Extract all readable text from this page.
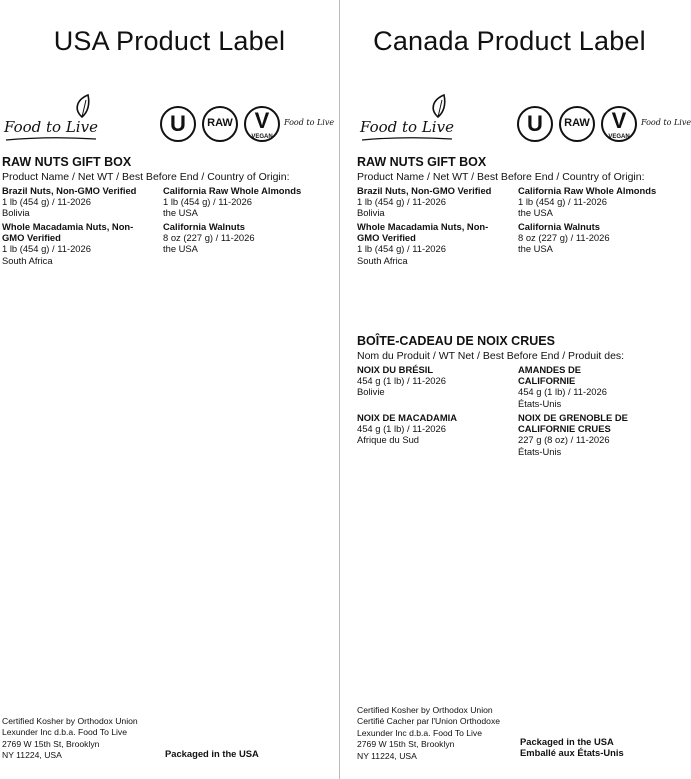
USA Product Label
Food to Live	U	RAW V
VEGAN
Food to Live
RAW NUTS GIFT BOX
Product Name / Net WT / Best Before End / Country of Origin:
Brazil Nuts, Non-GMO Verified
1 lb (454 g) / 11-2026
Bolivia
California Raw Whole Almonds
1 lb (454 g) / 11-2026
the USA
Whole Macadamia Nuts, Non-GMO Verified
1 lb (454 g) / 11-2026
South Africa
California Walnuts
8 oz (227 g) / 11-2026
the USA
Certified Kosher by Orthodox Union
Lexunder Inc d.b.a. Food To Live
2769 W 15th St, Brooklyn
NY 11224, USA	Packaged in the USA
Canada Product Label
Food to Live	U	RAW V
VEGAN
Food to Live
RAW NUTS GIFT BOX
Product Name / Net WT / Best Before End / Country of Origin:
Brazil Nuts, Non-GMO Verified
1 lb (454 g) / 11-2026
Bolivia
California Raw Whole Almonds
1 lb (454 g) / 11-2026
the USA
Whole Macadamia Nuts, Non-GMO Verified
1 lb (454 g) / 11-2026
South Africa
California Walnuts
8 oz (227 g) / 11-2026
the USA
BOÎTE-CADEAU DE NOIX CRUES
Nom du Produit / WT Net / Best Before End / Produit des:
NOIX DU BRÉSIL
454 g (1 lb) / 11-2026
Bolivie
AMANDES DE CALIFORNIE
454 g (1 lb) / 11-2026
États-Unis
NOIX DE MACADAMIA
454 g (1 lb) / 11-2026
Afrique du Sud
NOIX DE GRENOBLE DE CALIFORNIE CRUES
227 g (8 oz) / 11-2026
États-Unis
Certified Kosher by Orthodox Union
Certifié Cacher par l'Union Orthodoxe
Lexunder Inc d.b.a. Food To Live
2769 W 15th St, Brooklyn
NY 11224, USA
Packaged in the USA
Emballé aux États-Unis
